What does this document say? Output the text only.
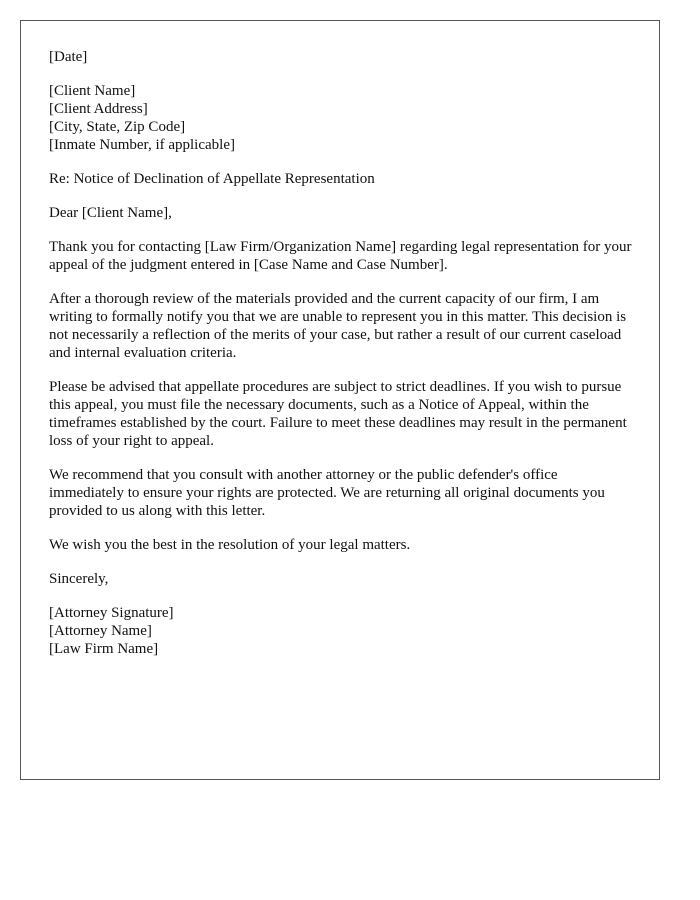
[Date]
[Client Name]
[Client Address]
[City, State, Zip Code]
[Inmate Number, if applicable]
Re: Notice of Declination of Appellate Representation
Dear [Client Name],
Thank you for contacting [Law Firm/Organization Name] regarding legal representation for your appeal of the judgment entered in [Case Name and Case Number].
After a thorough review of the materials provided and the current capacity of our firm, I am writing to formally notify you that we are unable to represent you in this matter. This decision is not necessarily a reflection of the merits of your case, but rather a result of our current caseload and internal evaluation criteria.
Please be advised that appellate procedures are subject to strict deadlines. If you wish to pursue this appeal, you must file the necessary documents, such as a Notice of Appeal, within the timeframes established by the court. Failure to meet these deadlines may result in the permanent loss of your right to appeal.
We recommend that you consult with another attorney or the public defender's office immediately to ensure your rights are protected. We are returning all original documents you provided to us along with this letter.
We wish you the best in the resolution of your legal matters.
Sincerely,
[Attorney Signature]
[Attorney Name]
[Law Firm Name]
